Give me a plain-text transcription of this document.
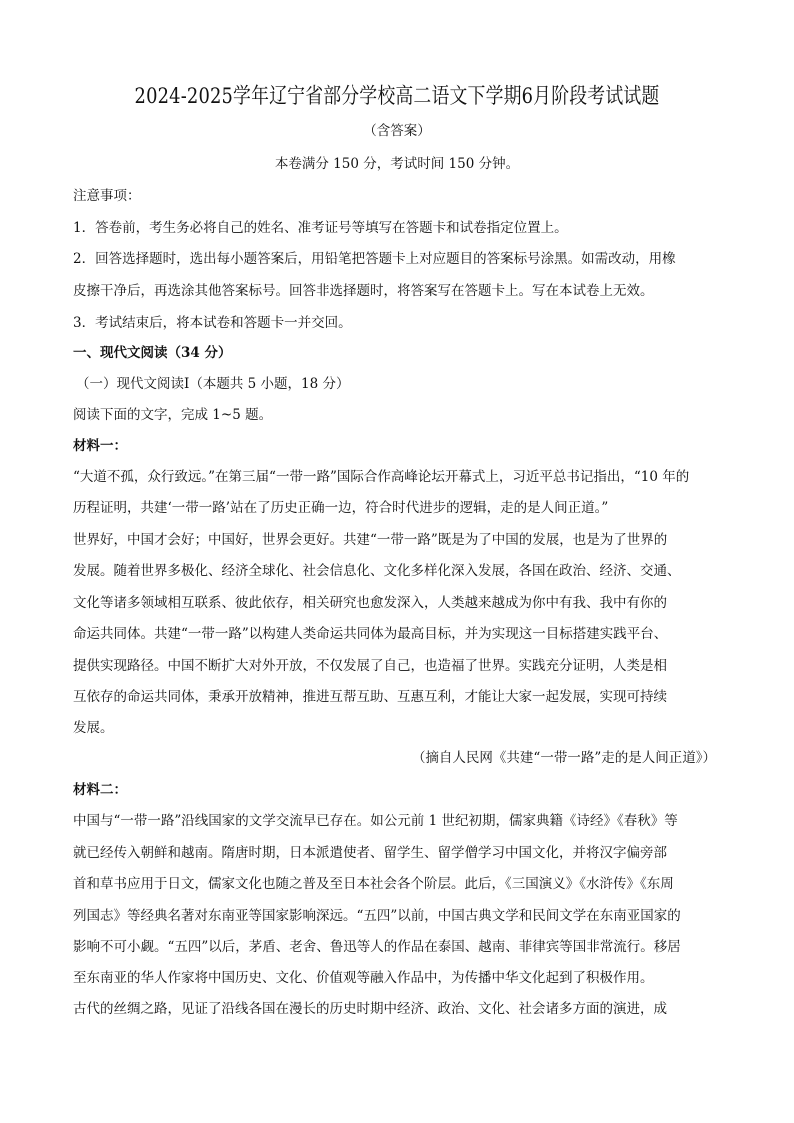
2024-2025学年辽宁省部分学校高二语文下学期6月阶段考试试题
（含答案）
本卷满分 150 分，考试时间 150 分钟。
注意事项：
1．答卷前，考生务必将自己的姓名、准考证号等填写在答题卡和试卷指定位置上。
2．回答选择题时，选出每小题答案后，用铅笔把答题卡上对应题目的答案标号涂黑。如需改动，用橡
皮擦干净后，再选涂其他答案标号。回答非选择题时，将答案写在答题卡上。写在本试卷上无效。
3．考试结束后，将本试卷和答题卡一并交回。
一、现代文阅读（34 分）
（一）现代文阅读Ⅰ（本题共 5 小题，18 分）
阅读下面的文字，完成 1~5 题。
材料一：
“大道不孤，众行致远。”在第三届“一带一路”国际合作高峰论坛开幕式上，习近平总书记指出，“10 年的
历程证明，共建‘一带一路’站在了历史正确一边，符合时代进步的逻辑，走的是人间正道。”
世界好，中国才会好；中国好，世界会更好。共建“一带一路”既是为了中国的发展，也是为了世界的
发展。随着世界多极化、经济全球化、社会信息化、文化多样化深入发展，各国在政治、经济、交通、
文化等诸多领域相互联系、彼此依存，相关研究也愈发深入，人类越来越成为你中有我、我中有你的
命运共同体。共建“一带一路”以构建人类命运共同体为最高目标，并为实现这一目标搭建实践平台、
提供实现路径。中国不断扩大对外开放，不仅发展了自己，也造福了世界。实践充分证明，人类是相
互依存的命运共同体，秉承开放精神，推进互帮互助、互惠互利，才能让大家一起发展，实现可持续
发展。
（摘自人民网《共建“一带一路”走的是人间正道》）
材料二：
中国与“一带一路”沿线国家的文学交流早已存在。如公元前 1 世纪初期，儒家典籍《诗经》《春秋》等
就已经传入朝鲜和越南。隋唐时期，日本派遣使者、留学生、留学僧学习中国文化，并将汉字偏旁部
首和草书应用于日文，儒家文化也随之普及至日本社会各个阶层。此后，《三国演义》《水浒传》《东周
列国志》等经典名著对东南亚等国家影响深远。“五四”以前，中国古典文学和民间文学在东南亚国家的
影响不可小觑。“五四”以后，茅盾、老舍、鲁迅等人的作品在泰国、越南、菲律宾等国非常流行。移居
至东南亚的华人作家将中国历史、文化、价值观等融入作品中，为传播中华文化起到了积极作用。
古代的丝绸之路，见证了沿线各国在漫长的历史时期中经济、政治、文化、社会诸多方面的演进，成
